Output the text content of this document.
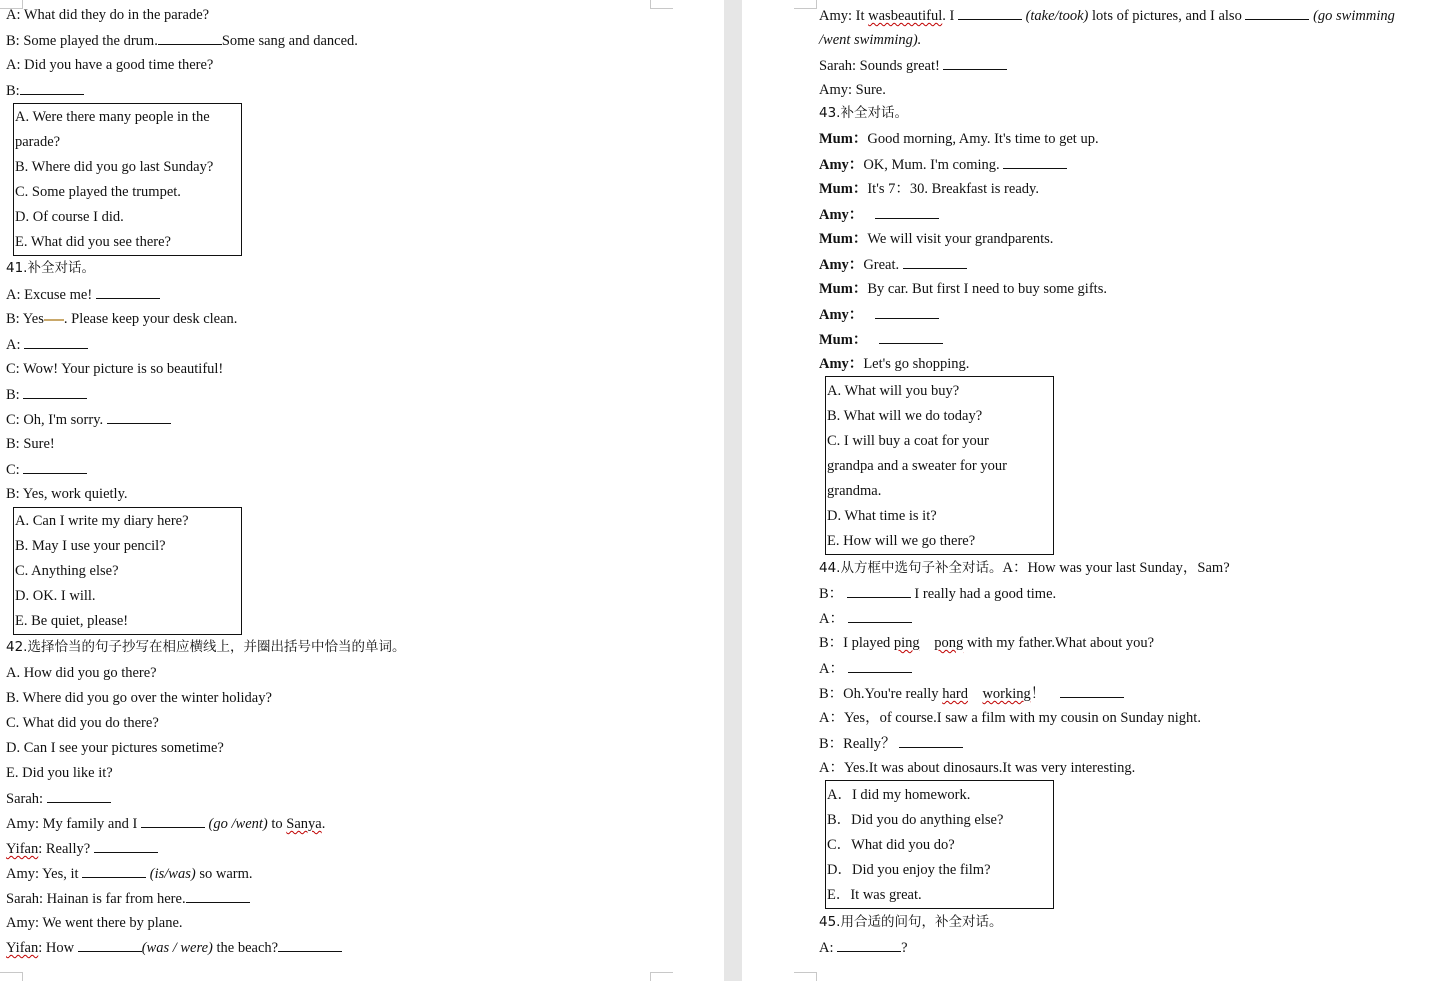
A: What did they do in the parade?
B: Some played the drum.	Some sang and danced.
A: Did you have a good time there?
B:
A. Were there many people in the
parade?
B. Where did you go last Sunday?
C. Some played the trumpet.
D. Of course I did.
E. What did you see there?
41.补全对话。
A: Excuse me!
B: Yes . Please keep your desk clean.
A:
C: Wow! Your picture is so beautiful!
B:
C: Oh, I'm sorry.
B: Sure!
C:
B: Yes, work quietly.
A. Can I write my diary here?
B. May I use your pencil?
C. Anything else?
D. OK. I will.
E. Be quiet, please!
42.选择恰当的句子抄写在相应横线上，并圈出括号中恰当的单词。
A. How did you go there?
B. Where did you go over the winter holiday?
C. What did you do there?
D. Can I see your pictures sometime?
E. Did you like it?
Sarah:
Amy: My family and I	(go /went) to Sanya.
Yifan: Really?
Amy: Yes, it	(is/was) so warm.
Sarah: Hainan is far from here.
Amy: We went there by plane.
Yifan: How	(was / were) the beach?
Amy: It wasbeautiful. I	(take/took) lots of pictures, and I also	(go swimming
/went swimming).
Sarah: Sounds great!
Amy: Sure.
43.补全对话。
Mum：Good morning, Amy. It's time to get up.
Amy：OK, Mum. I'm coming.
Mum：It's 7：30. Breakfast is ready.
Amy：
Mum：We will visit your grandparents.
Amy：Great.
Mum：By car. But first I need to buy some gifts.
Amy：
Mum：
Amy：Let's go shopping.
A. What will you buy?
B. What will we do today?
C. I will buy a coat for your
grandpa and a sweater for your
grandma.
D. What time is it?
E. How will we go there?
44.从方框中选句子补全对话。A：How was your last Sunday，Sam?
B：	I really had a good time.
A：
B：I played ping pong with my father.What about you?
A：
B：Oh.You're really hard working！
A：Yes，of course.I saw a film with my cousin on Sunday night.
B：Really？
A：Yes.It was about dinosaurs.It was very interesting.
A．I did my homework.
B．Did you do anything else?
C．What did you do?
D．Did you enjoy the film?
E．It was great.
45.用合适的问句，补全对话。
A:	?
